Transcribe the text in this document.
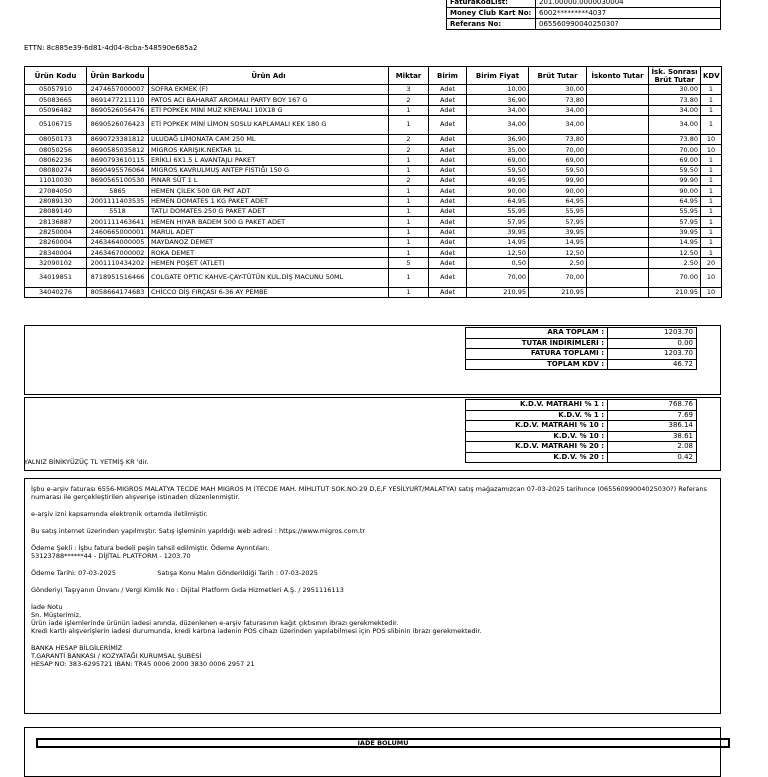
FaturaKodList:	201.00000.0000030004
Money Club Kart No:	6002*********4037
Referans No:	06556099004025030?
ETTN: 8c885e39-6d81-4d04-8cba-548590e685a2
Ürün Kodu	Ürün Barkodu	Ürün Adı	Miktar	Birim	Birim Fiyat	Brüt Tutar	İskonto Tutar	İsk. Sonrası Brüt Tutar	KDV
05057910	2474657000007	SOFRA EKMEK (F)	3	Adet	10,00	30,00		30.00	1
05083665	8691477211110	PATOS ACI BAHARAT AROMALI PARTY BOY 167 G	2	Adet	36,90	73,80		73.80	1
05096482	8690526056476	ETİ POPKEK MİNİ MUZ KREMALI 10X18 G	1	Adet	34,00	34,00		34.00	1
05106715	8690526076423	ETİ POPKEK MİNİ LİMON SOSLU KAPLAMALI KEK 180 G	1	Adet	34,00	34,00		34.00	1
08050173	8690723381812	ULUDAĞ LİMONATA CAM 250 ML	2	Adet	36,90	73,80		73.80	10
08050256	8690585035812	MİGROS KARIŞIK.NEKTAR 1L	2	Adet	35,00	70,00		70.00	10
08062236	8690793610115	ERİKLİ 6X1.5 L AVANTAJLI PAKET	1	Adet	69,00	69,00		69.00	1
08080274	8690495576064	MİGROS KAVRULMUŞ ANTEP FISTIĞI 150 G	1	Adet	59,50	59,50		59.50	1
11010030	8690565100530	PINAR SÜT 1 L	2	Adet	49,95	99,90		99.90	1
27084050	5865	HEMEN ÇİLEK 500 GR PKT ADT	1	Adet	90,00	90,00		90.00	1
28089130	2001111403535	HEMEN DOMATES 1 KG PAKET ADET	1	Adet	64,95	64,95		64.95	1
28089140	5518	TATLI DOMATES 250 G PAKET ADET	1	Adet	55,95	55,95		55.95	1
28136887	2001111463641	HEMEN HIYAR BADEM 500 G PAKET ADET	1	Adet	57,95	57,95		57.95	1
28250004	2460665000001	MARUL ADET	1	Adet	39,95	39,95		39.95	1
28260004	2463464000005	MAYDANOZ DEMET	1	Adet	14,95	14,95		14.95	1
28340004	2463467000002	ROKA DEMET	1	Adet	12,50	12,50		12.50	1
32090102	2001110434202	HEMEN POŞET (ATLET)	5	Adet	0,50	2,50		2.50	20
34019851	8718951516466	COLGATE OPTIC KAHVE-ÇAY-TÜTÜN KUL.DİŞ MACUNU 50ML	1	Adet	70,00	70,00		70.00	10
34040276	8058664174683	CHİCCO DİŞ FIRÇASI 6-36 AY PEMBE	1	Adet	210,95	210,95		210.95	10
ARA TOPLAM :	1203.70
TUTAR İNDİRİMLERİ :	0.00
FATURA TOPLAMI :	1203.70
TOPLAM KDV :	46.72
K.D.V. MATRAHI % 1 :	768.76
K.D.V. % 1 :	7.69
K.D.V. MATRAHI % 10 :	386.14
K.D.V. % 10 :	38.61
K.D.V. MATRAHI % 20 :	2.08
K.D.V. % 20 :	0.42
YALNIZ BİNİKYÜZÜÇ TL YETMİŞ KR 'dir.

İşbu e-arşiv faturası 6556-MIGROS MALATYA TECDE MAH MIGROS M (TECDE MAH. MİHLITUT SOK.NO:29 D,E,F YESİLYURT/MALATYA) satış mağazamızcan 07-03-2025 tarihınce (06556099004025030?) Referans numarası ile gerçekleştirilen alışverişe istinaden düzenlenmiştir.

e-arşiv izni kapsamında elektronik ortamda iletilmiştir.

Bu satış internet üzerinden yapılmıştır. Satış işleminin yapıldığı web adresi : https://www.migros.com.tr

Ödeme Şekli : İşbu fatura bedeli peşin tahsil edilmiştir. Ödeme Ayrıntıları:
53123788******44 - DİJİTAL PLATFORM - 1203.70

Ödeme Tarihi: 07-03-2025                    Satışa Konu Malın Gönderildiği Tarih : 07-03-2025

Gönderiyi Taşıyanın Ünvanı / Vergi Kimlik No : Dijital Platform Gıda Hizmetleri A.Ş. / 2951116113

İade Notu
Sn. Müşterimiz,
Ürün iade işlemlerinde ürünün iadesi anında, düzenlenen e-arşiv faturasının kağıt çıktısının ibrazı gerekmektedir.
Kredi kartlı alışverişlerin iadesi durumunda, kredi kartına iadenin POS cihazı üzerinden yapılabilmesi için POS slibinin ibrazı gerekmektedir.

BANKA HESAP BİLGİLERİMİZ
T.GARANTİ BANKASI / KOZYATAĞI KURUMSAL ŞUBESİ
HESAP NO: 383-6295721 IBAN: TR45 0006 2000 3830 0006 2957 21

İADE BÖLÜMÜ
